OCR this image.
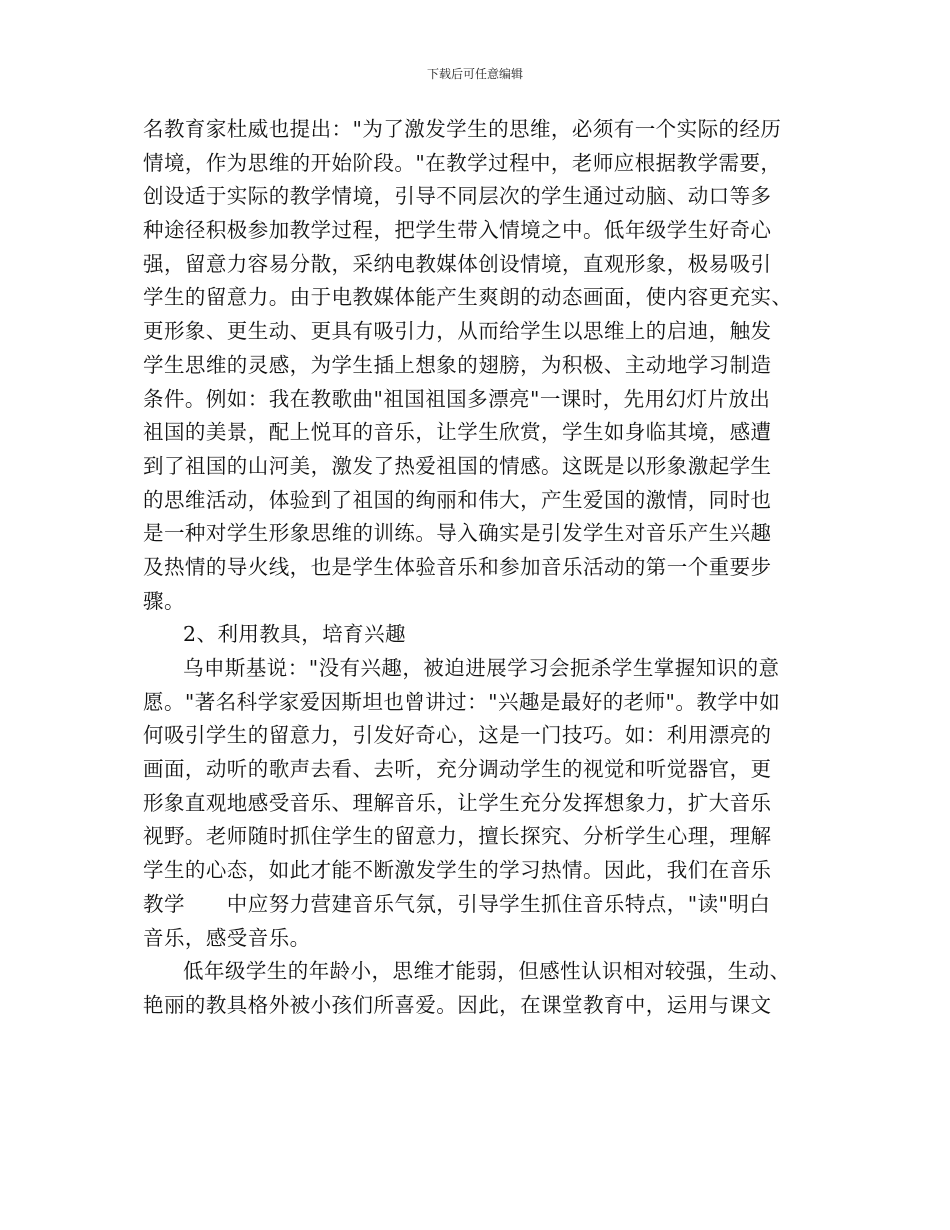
下载后可任意编辑
名教育家杜威也提出："为了激发学生的思维，必须有一个实际的经历
情境，作为思维的开始阶段。"在教学过程中，老师应根据教学需要，
创设适于实际的教学情境，引导不同层次的学生通过动脑、动口等多
种途径积极参加教学过程，把学生带入情境之中。低年级学生好奇心
强，留意力容易分散，采纳电教媒体创设情境，直观形象，极易吸引
学生的留意力。由于电教媒体能产生爽朗的动态画面，使内容更充实、
更形象、更生动、更具有吸引力，从而给学生以思维上的启迪，触发
学生思维的灵感，为学生插上想象的翅膀，为积极、主动地学习制造
条件。例如：我在教歌曲"祖国祖国多漂亮"一课时，先用幻灯片放出
祖国的美景，配上悦耳的音乐，让学生欣赏，学生如身临其境，感遭
到了祖国的山河美，激发了热爱祖国的情感。这既是以形象激起学生
的思维活动，体验到了祖国的绚丽和伟大，产生爱国的激情，同时也
是一种对学生形象思维的训练。导入确实是引发学生对音乐产生兴趣
及热情的导火线，也是学生体验音乐和参加音乐活动的第一个重要步
骤。
2、利用教具，培育兴趣
乌申斯基说："没有兴趣，被迫进展学习会扼杀学生掌握知识的意
愿。"著名科学家爱因斯坦也曾讲过："兴趣是最好的老师"。教学中如
何吸引学生的留意力，引发好奇心，这是一门技巧。如：利用漂亮的
画面，动听的歌声去看、去听，充分调动学生的视觉和听觉器官，更
形象直观地感受音乐、理解音乐，让学生充分发挥想象力，扩大音乐
视野。老师随时抓住学生的留意力，擅长探究、分析学生心理，理解
学生的心态，如此才能不断激发学生的学习热情。因此，我们在音乐
教学　　中应努力营建音乐气氛，引导学生抓住音乐特点，"读"明白
音乐，感受音乐。
低年级学生的年龄小，思维才能弱，但感性认识相对较强，生动、
艳丽的教具格外被小孩们所喜爱。因此，在课堂教育中，运用与课文
